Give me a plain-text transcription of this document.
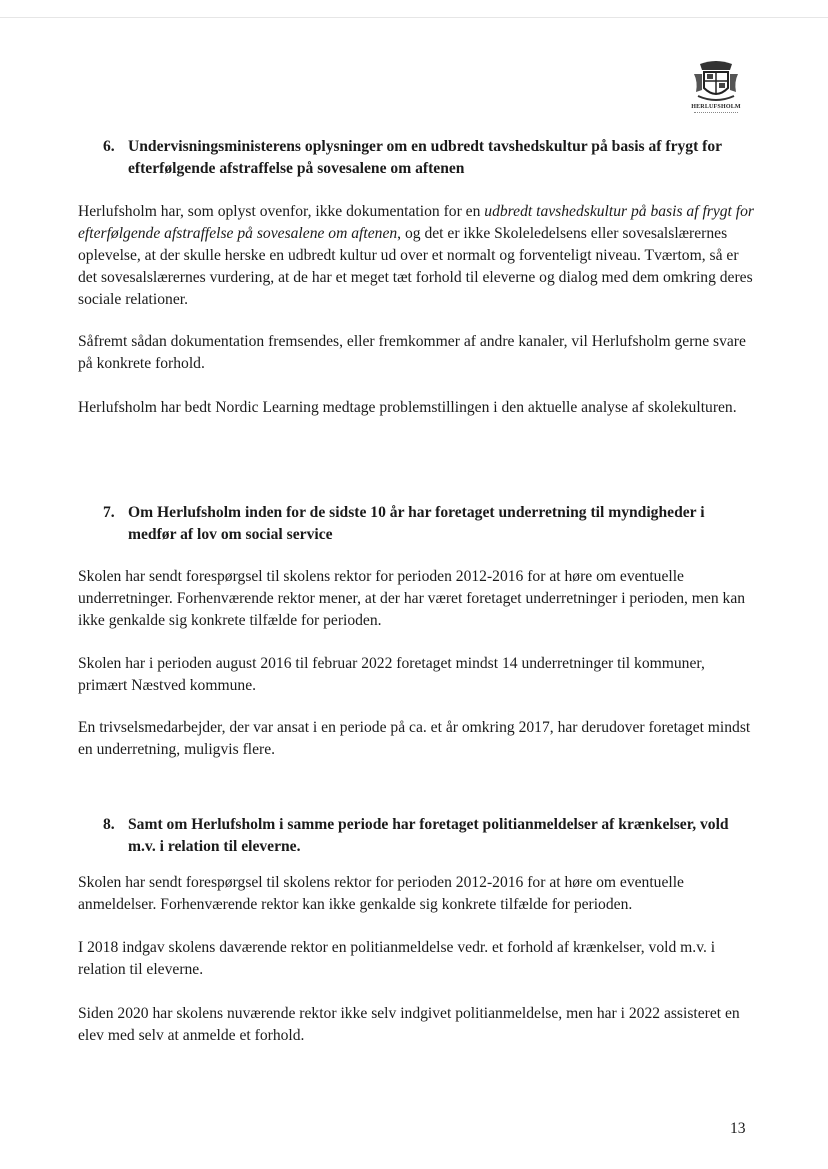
HERLUFSHOLM
6. Undervisningsministerens oplysninger om en udbredt tavshedskultur på basis af frygt for efterfølgende afstraffelse på sovesalene om aftenen

Herlufsholm har, som oplyst ovenfor, ikke dokumentation for en udbredt tavshedskultur på basis af frygt for efterfølgende afstraffelse på sovesalene om aftenen, og det er ikke Skoleledelsens eller sovesalslærernes oplevelse, at der skulle herske en udbredt kultur ud over et normalt og forventeligt niveau. Tværtom, så er det sovesalslærernes vurdering, at de har et meget tæt forhold til eleverne og dialog med dem omkring deres sociale relationer.

Såfremt sådan dokumentation fremsendes, eller fremkommer af andre kanaler, vil Herlufsholm gerne svare på konkrete forhold.

Herlufsholm har bedt Nordic Learning medtage problemstillingen i den aktuelle analyse af skolekulturen.

7. Om Herlufsholm inden for de sidste 10 år har foretaget underretning til myndigheder i medfør af lov om social service

Skolen har sendt forespørgsel til skolens rektor for perioden 2012-2016 for at høre om eventuelle underretninger. Forhenværende rektor mener, at der har været foretaget underretninger i perioden, men kan ikke genkalde sig konkrete tilfælde for perioden.

Skolen har i perioden august 2016 til februar 2022 foretaget mindst 14 underretninger til kommuner, primært Næstved kommune.

En trivselsmedarbejder, der var ansat i en periode på ca. et år omkring 2017, har derudover foretaget mindst en underretning, muligvis flere.

8. Samt om Herlufsholm i samme periode har foretaget politianmeldelser af krænkelser, vold m.v. i relation til eleverne.

Skolen har sendt forespørgsel til skolens rektor for perioden 2012-2016 for at høre om eventuelle anmeldelser. Forhenværende rektor kan ikke genkalde sig konkrete tilfælde for perioden.

I 2018 indgav skolens daværende rektor en politianmeldelse vedr. et forhold af krænkelser, vold m.v. i relation til eleverne.

Siden 2020 har skolens nuværende rektor ikke selv indgivet politianmeldelse, men har i 2022 assisteret en elev med selv at anmelde et forhold.

13
